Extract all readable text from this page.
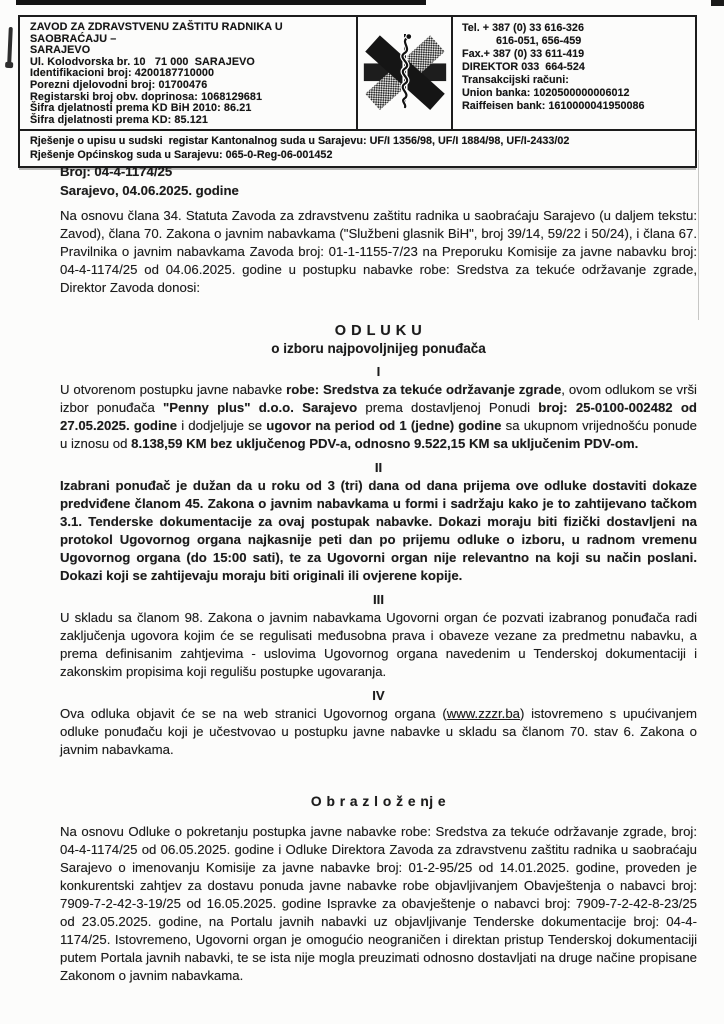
ZAVOD ZA ZDRAVSTVENU ZAŠTITU RADNIKA U SAOBRAĆAJU –
SARAJEVO
Ul. Kolodvorska br. 10   71 000  SARAJEVO
Identifikacioni broj: 4200187710000
Porezni djelovodni broj: 01700476
Registarski broj obv. doprinosa: 1068129681
Šifra djelatnosti prema KD BiH 2010: 86.21
Šifra djelatnosti prema KD: 85.121
Tel. + 387 (0) 33 616-326
616-051, 656-459
Fax.+ 387 (0) 33 611-419
DIREKTOR 033  664-524
Transakcijski računi:
Union banka: 1020500000006012
Raiffeisen bank: 1610000041950086
Rješenje o upisu u sudski  registar Kantonalnog suda u Sarajevu: UF/I 1356/98, UF/I 1884/98, UF/I-2433/02
Rješenje Općinskog suda u Sarajevu: 065-0-Reg-06-001452
Broj: 04-4-1174/25
Sarajevo, 04.06.2025. godine

Na osnovu člana 34. Statuta Zavoda za zdravstvenu zaštitu radnika u saobraćaju Sarajevo (u daljem tekstu: Zavod), člana 70. Zakona o javnim nabavkama ("Službeni glasnik BiH", broj 39/14, 59/22 i 50/24), i člana 67. Pravilnika o javnim nabavkama Zavoda broj: 01-1-1155-7/23 na Preporuku Komisije za javne nabavku broj: 04-4-1174/25 od 04.06.2025. godine u postupku nabavke robe: Sredstva za tekuće održavanje zgrade, Direktor Zavoda donosi:

O D L U K U
o izboru najpovoljnijeg ponuđača
I

U otvorenom postupku javne nabavke robe: Sredstva za tekuće održavanje zgrade, ovom odlukom se vrši izbor ponuđača "Penny plus" d.o.o. Sarajevo prema dostavljenoj Ponudi broj: 25-0100-002482 od 27.05.2025. godine i dodjeljuje se ugovor na period od 1 (jedne) godine sa ukupnom vrijednošću ponude u iznosu od 8.138,59 KM bez uključenog PDV-a, odnosno 9.522,15 KM sa uključenim PDV-om.

II

Izabrani ponuđač je dužan da u roku od 3 (tri) dana od dana prijema ove odluke dostaviti dokaze predviđene članom 45. Zakona o javnim nabavkama u formi i sadržaju kako je to zahtijevano tačkom 3.1. Tenderske dokumentacije za ovaj postupak nabavke. Dokazi moraju biti fizički dostavljeni na protokol Ugovornog organa najkasnije peti dan po prijemu odluke o izboru, u radnom vremenu Ugovornog organa (do 15:00 sati), te za Ugovorni organ nije relevantno na koji su način poslani. Dokazi koji se zahtijevaju moraju biti originali ili ovjerene kopije.

III

U skladu sa članom 98. Zakona o javnim nabavkama Ugovorni organ će pozvati izabranog ponuđača radi zaključenja ugovora kojim će se regulisati međusobna prava i obaveze vezane za predmetnu nabavku, a prema definisanim zahtjevima - uslovima Ugovornog organa navedenim u Tenderskoj dokumentaciji i zakonskim propisima koji regulišu postupke ugovaranja.

IV

Ova odluka objavit će se na web stranici Ugovornog organa (www.zzzr.ba) istovremeno s upućivanjem odluke ponuđaču koji je učestvovao u postupku javne nabavke u skladu sa članom 70. stav 6. Zakona o javnim nabavkama.

O b r a z l o ž e nj e

Na osnovu Odluke o pokretanju postupka javne nabavke robe: Sredstva za tekuće održavanje zgrade, broj: 04-4-1174/25 od 06.05.2025. godine i Odluke Direktora Zavoda za zdravstvenu zaštitu radnika u saobraćaju Sarajevo o imenovanju Komisije za javne nabavke broj: 01-2-95/25 od 14.01.2025. godine, proveden je konkurentski zahtjev za dostavu ponuda javne nabavke robe objavljivanjem Obavještenja o nabavci broj: 7909-7-2-42-3-19/25 od 16.05.2025. godine Ispravke za obavještenje o nabavci broj: 7909-7-2-42-8-23/25 od 23.05.2025. godine, na Portalu javnih nabavki uz objavljivanje Tenderske dokumentacije broj: 04-4-1174/25. Istovremeno, Ugovorni organ je omogućio neograničen i direktan pristup Tenderskoj dokumentaciji putem Portala javnih nabavki, te se ista nije mogla preuzimati odnosno dostavljati na druge načine propisane Zakonom o javnim nabavkama.
